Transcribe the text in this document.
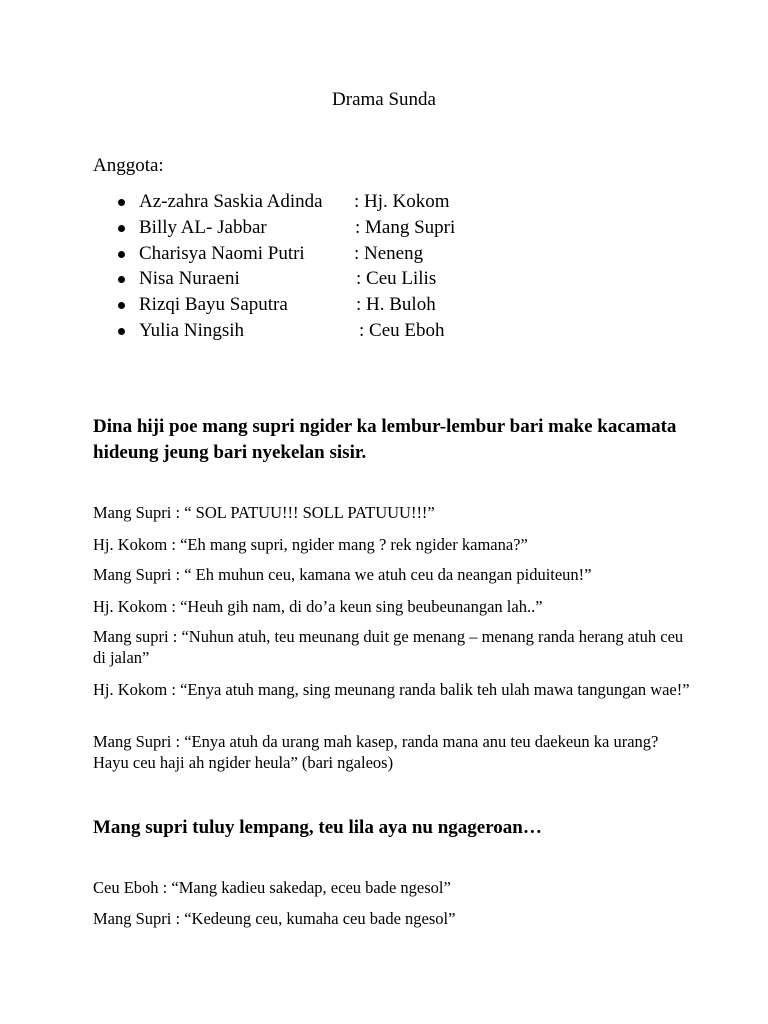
Drama Sunda
Anggota:
Az-zahra Saskia Adinda : Hj. Kokom
Billy AL- Jabbar	: Mang Supri
Charisya Naomi Putri	: Neneng
Nisa Nuraeni	: Ceu Lilis
Rizqi Bayu Saputra	: H. Buloh
Yulia Ningsih	: Ceu Eboh
Dina hiji poe mang supri ngider ka lembur-lembur bari make kacamata hideung jeung bari nyekelan sisir.
Mang Supri : “ SOL PATUU!!! SOLL PATUUU!!!”
Hj. Kokom : “Eh mang supri, ngider mang ? rek ngider kamana?”
Mang Supri : “ Eh muhun ceu, kamana we atuh ceu da neangan piduiteun!”
Hj. Kokom : “Heuh gih nam, di do’a keun sing beubeunangan lah..”
Mang supri : “Nuhun atuh, teu meunang duit ge menang – menang randa herang atuh ceu di jalan”
Hj. Kokom : “Enya atuh mang, sing meunang randa balik teh ulah mawa tangungan wae!”
Mang Supri : “Enya atuh da urang mah kasep, randa mana anu teu daekeun ka urang? Hayu ceu haji ah ngider heula” (bari ngaleos)
Mang supri tuluy lempang, teu lila aya nu ngageroan…
Ceu Eboh : “Mang kadieu sakedap, eceu bade ngesol”
Mang Supri : “Kedeung ceu, kumaha ceu bade ngesol”
